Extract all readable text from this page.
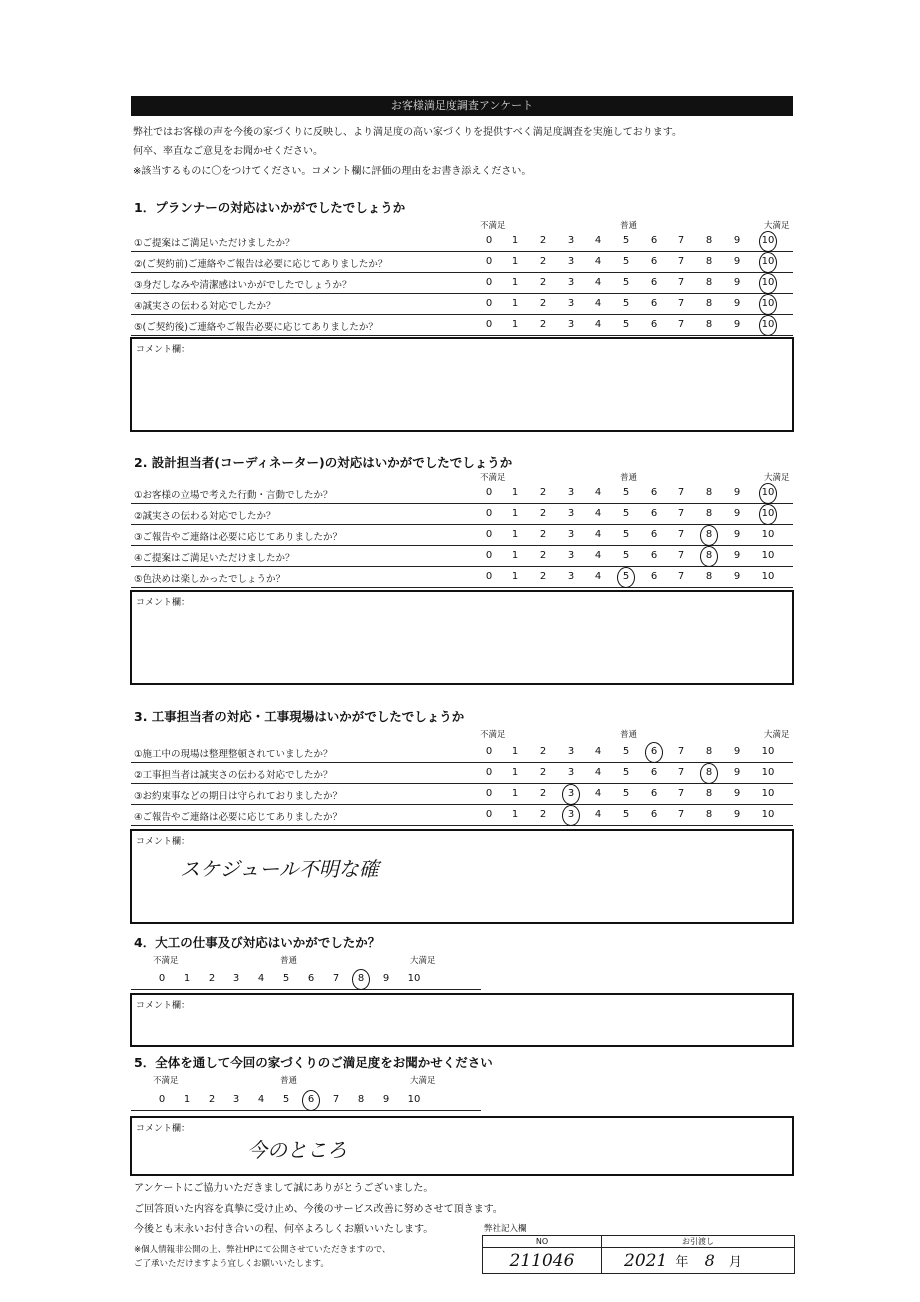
お客様満足度調査アンケート
弊社ではお客様の声を今後の家づくりに反映し、より満足度の高い家づくりを提供すべく満足度調査を実施しております。
何卒、率直なご意見をお聞かせください。
※該当するものに〇をつけてください。コメント欄に評価の理由をお書き添えください。
1．プランナーの対応はいかがでしたでしょうか
不満足	普通	大満足
①ご提案はご満足いただけましたか？	0	1	2	3	4	5	6	7	8	9	10
②(ご契約前)ご連絡やご報告は必要に応じてありましたか？	0	1	2	3	4	5	6	7	8	9	10
③身だしなみや清潔感はいかがでしたでしょうか？	0	1	2	3	4	5	6	7	8	9	10
④誠実さの伝わる対応でしたか？	0	1	2	3	4	5	6	7	8	9	10
⑤(ご契約後)ご連絡やご報告必要に応じてありましたか？	0	1	2	3	4	5	6	7	8	9	10
コメント欄：
2. 設計担当者(コーディネーター)の対応はいかがでしたでしょうか
不満足	普通	大満足
①お客様の立場で考えた行動・言動でしたか？	0	1	2	3	4	5	6	7	8	9	10
②誠実さの伝わる対応でしたか？	0	1	2	3	4	5	6	7	8	9	10
③ご報告やご連絡は必要に応じてありましたか？	0	1	2	3	4	5	6	7	8	9	10
④ご提案はご満足いただけましたか？	0	1	2	3	4	5	6	7	8	9	10
⑤色決めは楽しかったでしょうか？	0	1	2	3	4	5	6	7	8	9	10
コメント欄：
3. 工事担当者の対応・工事現場はいかがでしたでしょうか
不満足	普通	大満足
①施工中の現場は整理整頓されていましたか？	0	1	2	3	4	5	6	7	8	9	10
②工事担当者は誠実さの伝わる対応でしたか？	0	1	2	3	4	5	6	7	8	9	10
③お約束事などの期日は守られておりましたか？	0	1	2	3	4	5	6	7	8	9	10
④ご報告やご連絡は必要に応じてありましたか？	0	1	2	3	4	5	6	7	8	9	10
コメント欄：
スケジュール不明な確
4．大工の仕事及び対応はいかがでしたか？
不満足	普通	大満足
0	1	2	3	4	5	6	7	8	9	10
コメント欄：
5．全体を通して今回の家づくりのご満足度をお聞かせください
不満足	普通	大満足
0	1	2	3	4	5	6	7	8	9	10
コメント欄：
今のところ
アンケートにご協力いただきまして誠にありがとうございました。
ご回答頂いた内容を真摯に受け止め、今後のサービス改善に努めさせて頂きます。
今後とも末永いお付き合いの程、何卒よろしくお願いいたします。
※個人情報非公開の上、弊社HPにて公開させていただきますので、
ご了承いただけますよう宜しくお願いいたします。
弊社記入欄
NO	お引渡し
211046	2021 年 8 月
